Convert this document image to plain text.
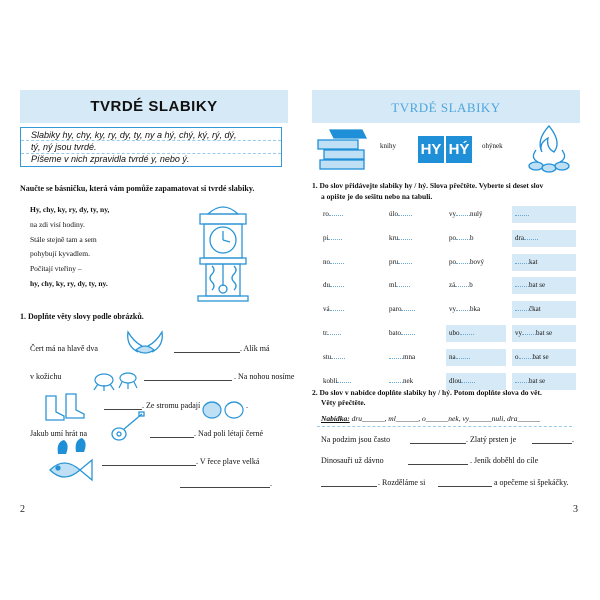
TVRDÉ SLABIKY
Slabiky hy, chy, ky, ry, dy, ty, ny a hý, chý, ký, rý, dý,
tý, ný jsou tvrdé.
Píšeme v nich zpravidla tvrdé y, nebo ý.
Naučte se básničku, která vám pomůže zapamatovat si tvrdé slabiky.
Hy, chy, ky, ry, dy, ty, ny,
na zdi visí hodiny.
Stále stejně tam a sem
pohybují kyvadlem.
Počítají vteřiny –
hy, chy, ky, ry, dy, ty, ny.
1. Doplňte věty slovy podle obrázků.
Čert má na hlavě dva	. Alík má
v kožichu	. Na nohou nosíme
. Ze stromu padají	.
Jakub umí hrát na	. Nad poli létají černé
. V řece plave velká
.
2
TVRDÉ SLABIKY
knihy HY HÝ	ohýnek
1. Do slov přidávejte slabiky hy / hý. Slova přečtěte. Vyberte si deset slov
a opište je do sešitu nebo na tabuli.
ro	úlo	vy nulý
pi	kru	po b	dra
no	pru	po bový	kat
du	ml	zá b	bat se
vá	paro	vy bka	čkat
tr	bato	ubo	vy bat se
stu	mna	na	o bat se
kobli	nek	dlou	bat se
2. Do slov v nabídce doplňte slabiky hy / hý. Potom doplňte slova do vět.
Věty přečtěte.
Nabídka: dru______, ml______, o______nek, vy______nuli, dra______
Na podzim jsou často	. Zlatý prsten je	.
Dinosauři už dávno	. Jeník doběhl do cíle
. Rozděláme si	a opečeme si špekáčky.
3
